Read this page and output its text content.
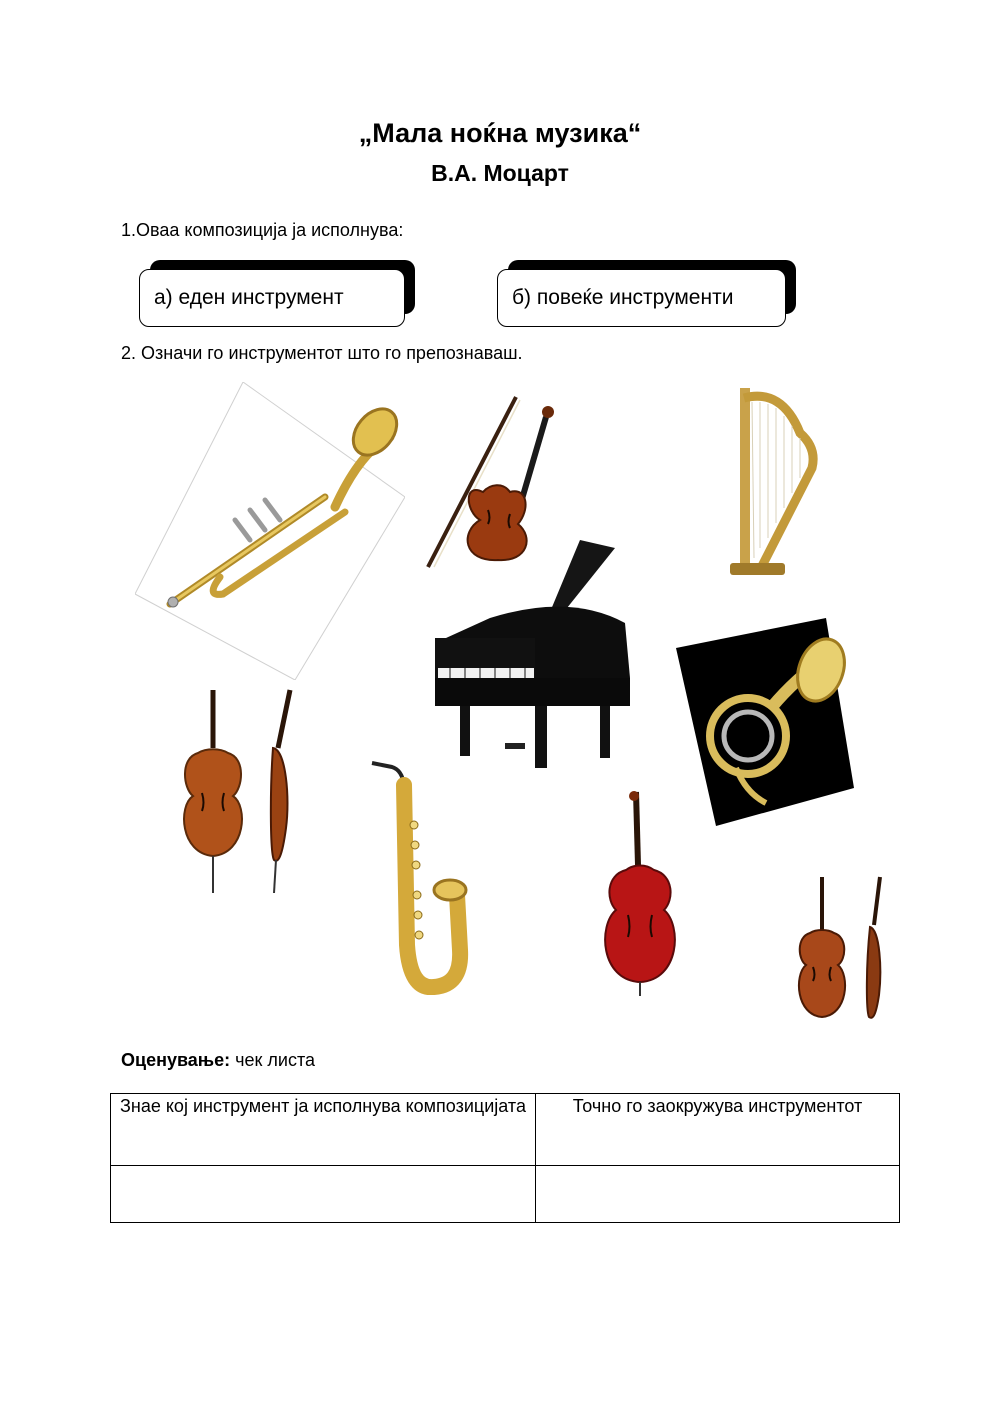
„Мала ноќна музика“
В.А. Моцарт
1.Оваа композиција ја исполнува:
а) еден инструмент	б) повеќе инструменти
2. Означи го инструментот што го препознаваш.
Оценување: чек листа
Знае кој инструмент ја исполнува композицијата	Точно го заокружува инструментот
